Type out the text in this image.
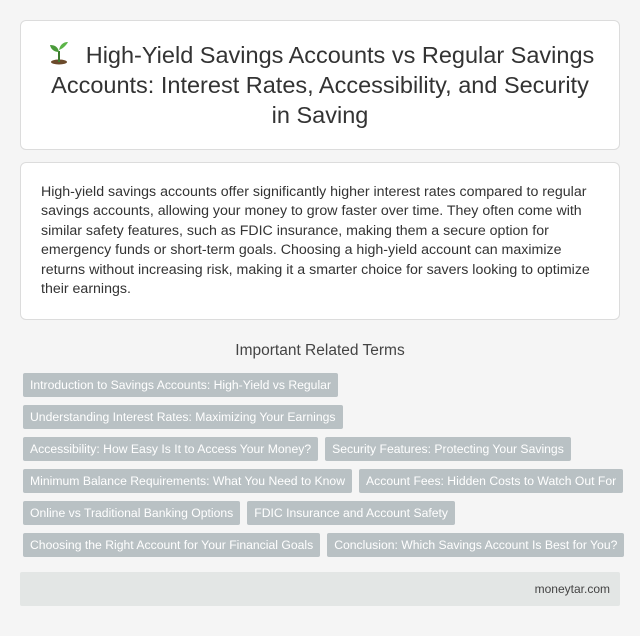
High-Yield Savings Accounts vs Regular Savings Accounts: Interest Rates, Accessibility, and Security in Saving

High-yield savings accounts offer significantly higher interest rates compared to regular savings accounts, allowing your money to grow faster over time. They often come with similar safety features, such as FDIC insurance, making them a secure option for emergency funds or short-term goals. Choosing a high-yield account can maximize returns without increasing risk, making it a smarter choice for savers looking to optimize their earnings.

Important Related Terms
Introduction to Savings Accounts: High-Yield vs Regular
Understanding Interest Rates: Maximizing Your Earnings
Accessibility: How Easy Is It to Access Your Money?	Security Features: Protecting Your Savings
Minimum Balance Requirements: What You Need to Know	Account Fees: Hidden Costs to Watch Out For
Online vs Traditional Banking Options	FDIC Insurance and Account Safety
Choosing the Right Account for Your Financial Goals	Conclusion: Which Savings Account Is Best for You?
moneytar.com
